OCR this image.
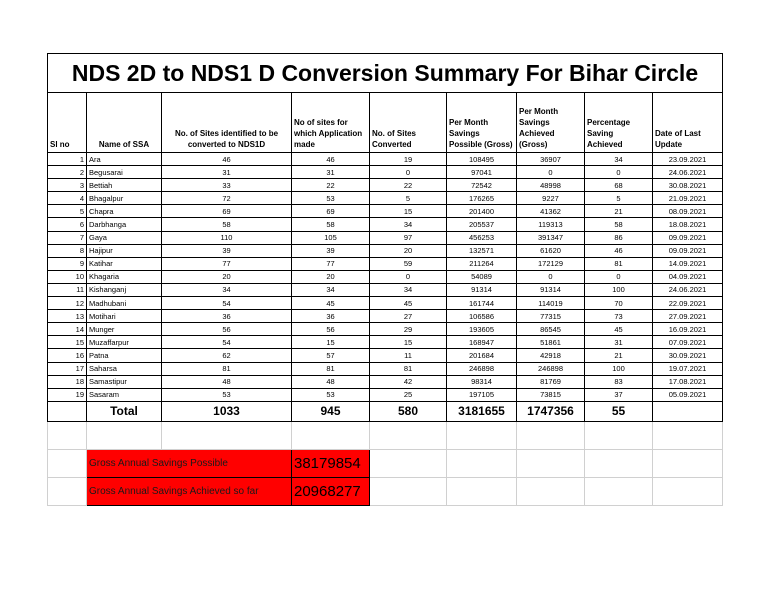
NDS 2D to NDS1 D Conversion Summary For Bihar Circle								
Sl no	Name of SSA	No. of Sites identified to be converted to NDS1D	No of sites for which Application made	No. of Sites Converted	Per Month Savings Possible (Gross)	Per Month Savings Achieved (Gross)	Percentage Saving Achieved	Date of Last Update
1	Ara	46	46	19	108495	36907	34	23.09.2021
2	Begusarai	31	31	0	97041	0	0	24.06.2021
3	Bettiah	33	22	22	72542	48998	68	30.08.2021
4	Bhagalpur	72	53	5	176265	9227	5	21.09.2021
5	Chapra	69	69	15	201400	41362	21	08.09.2021
6	Darbhanga	58	58	34	205537	119313	58	18.08.2021
7	Gaya	110	105	97	456253	391347	86	09.09.2021
8	Hajipur	39	39	20	132571	61620	46	09.09.2021
9	Katihar	77	77	59	211264	172129	81	14.09.2021
10	Khagaria	20	20	0	54089	0	0	04.09.2021
11	Kishanganj	34	34	34	91314	91314	100	24.06.2021
12	Madhubani	54	45	45	161744	114019	70	22.09.2021
13	Motihari	36	36	27	106586	77315	73	27.09.2021
14	Munger	56	56	29	193605	86545	45	16.09.2021
15	Muzaffarpur	54	15	15	168947	51861	31	07.09.2021
16	Patna	62	57	11	201684	42918	21	30.09.2021
17	Saharsa	81	81	81	246898	246898	100	19.07.2021
18	Samastipur	48	48	42	98314	81769	83	17.08.2021
19	Sasaram	53	53	25	197105	73815	37	05.09.2021
	Total	1033	945	580	3181655	1747356	55	

	Gross Annual Savings Possible		38179854					
	Gross Annual Savings Achieved so far		20968277					
